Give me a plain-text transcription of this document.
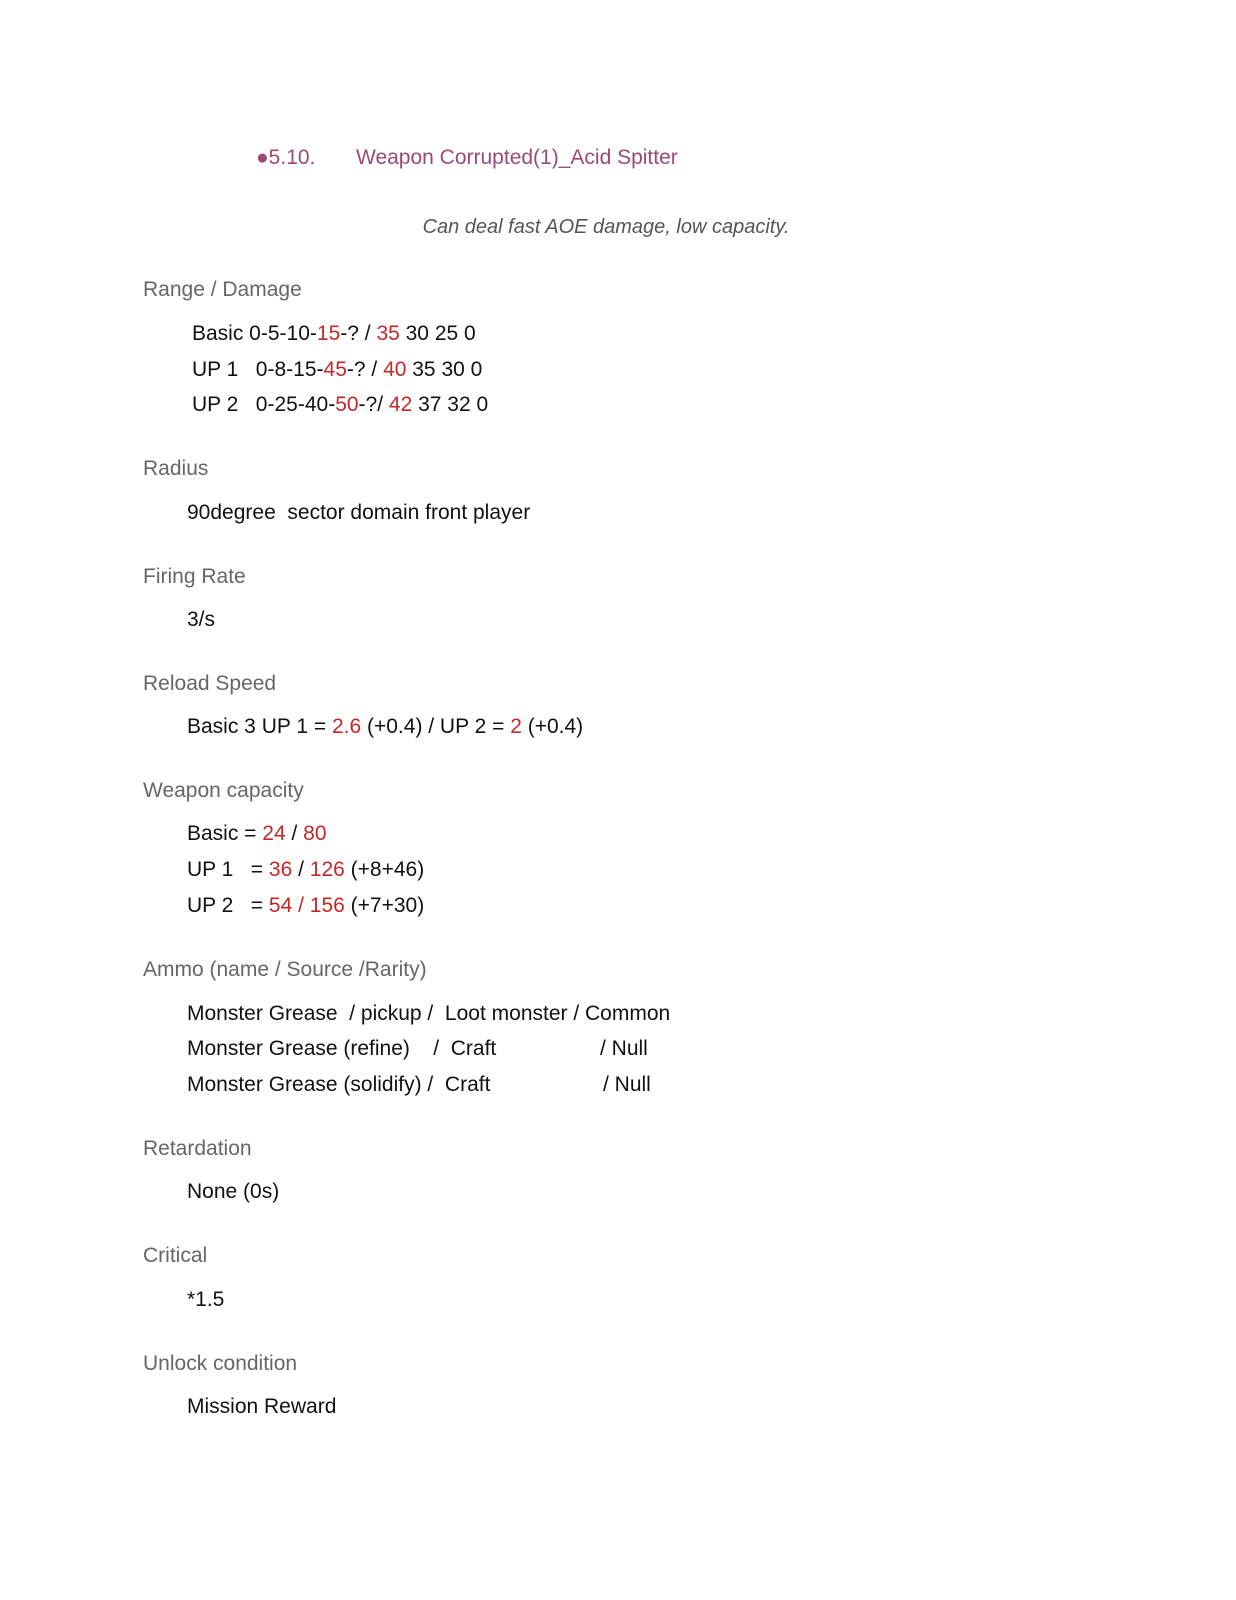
●5.10. Weapon Corrupted(1)_Acid Spitter
Can deal fast AOE damage, low capacity.
Range / Damage
Basic 0-5-10-15-? / 35 30 25 0
UP 1   0-8-15-45-? / 40 35 30 0
UP 2   0-25-40-50-?/ 42 37 32 0
Radius
90degree  sector domain front player
Firing Rate
3/s
Reload Speed
Basic 3 UP 1 = 2.6 (+0.4) / UP 2 = 2 (+0.4)
Weapon capacity
Basic = 24 / 80
UP 1   = 36 / 126 (+8+46)
UP 2   = 54 / 156 (+7+30)
Ammo (name / Source /Rarity)
Monster Grease  / pickup /  Loot monster / Common
Monster Grease (refine)    /  Craft	/ Null
Monster Grease (solidify) /  Craft	/ Null
Retardation
None (0s)
Critical
*1.5
Unlock condition
Mission Reward
